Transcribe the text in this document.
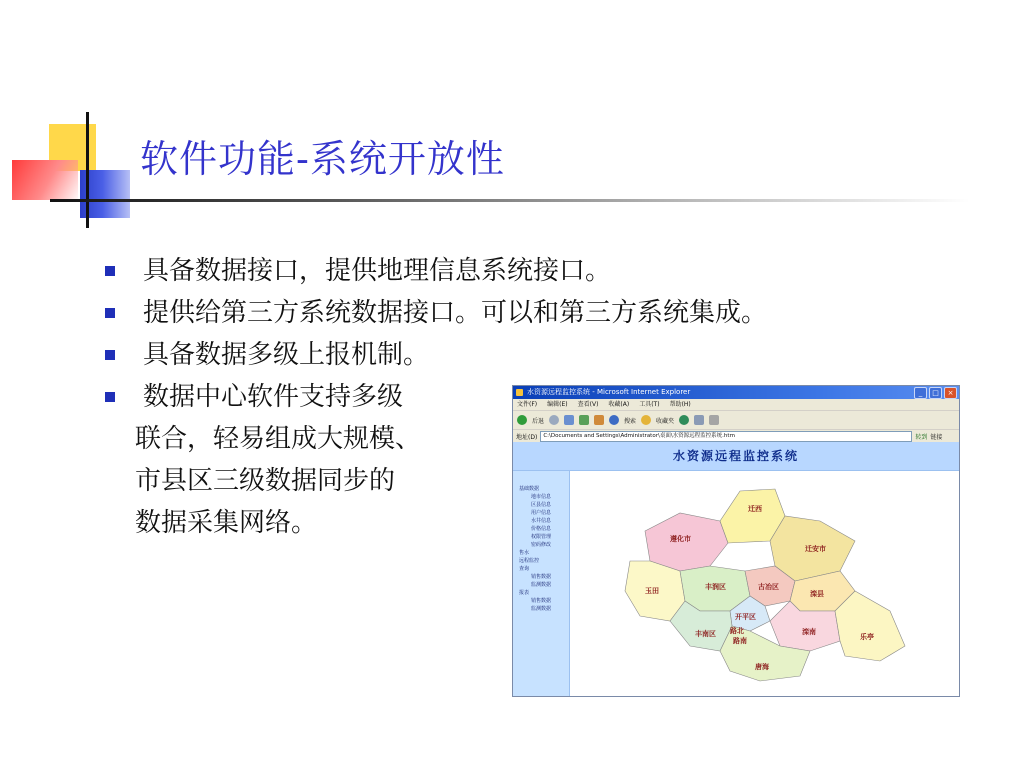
软件功能-系统开放性
具备数据接口，提供地理信息系统接口。
提供给第三方系统数据接口。可以和第三方系统集成。
具备数据多级上报机制。
数据中心软件支持多级
联合，轻易组成大规模、
市县区三级数据同步的
数据采集网络。
水资源远程监控系统 - Microsoft Internet Explorer	_	□	×
文件(F) 编辑(E) 查看(V) 收藏(A) 工具(T) 帮助(H)
后退	搜索	收藏夹
地址(D)	C:\Documents and Settings\Administrator\桌面\水资源远程监控系统.htm	转到 链接
水资源远程监控系统
基础数据
地市信息
区县信息
用户信息
水井信息
价格信息
权限管理
密码修改
售水
远程监控
查询
销售数据
监测数据
报表
销售数据
监测数据
遵化市
迁西
迁安市
玉田	丰润区	古冶区
滦县
开平区
路北
路南
丰南区	滦南
乐亭
唐海
